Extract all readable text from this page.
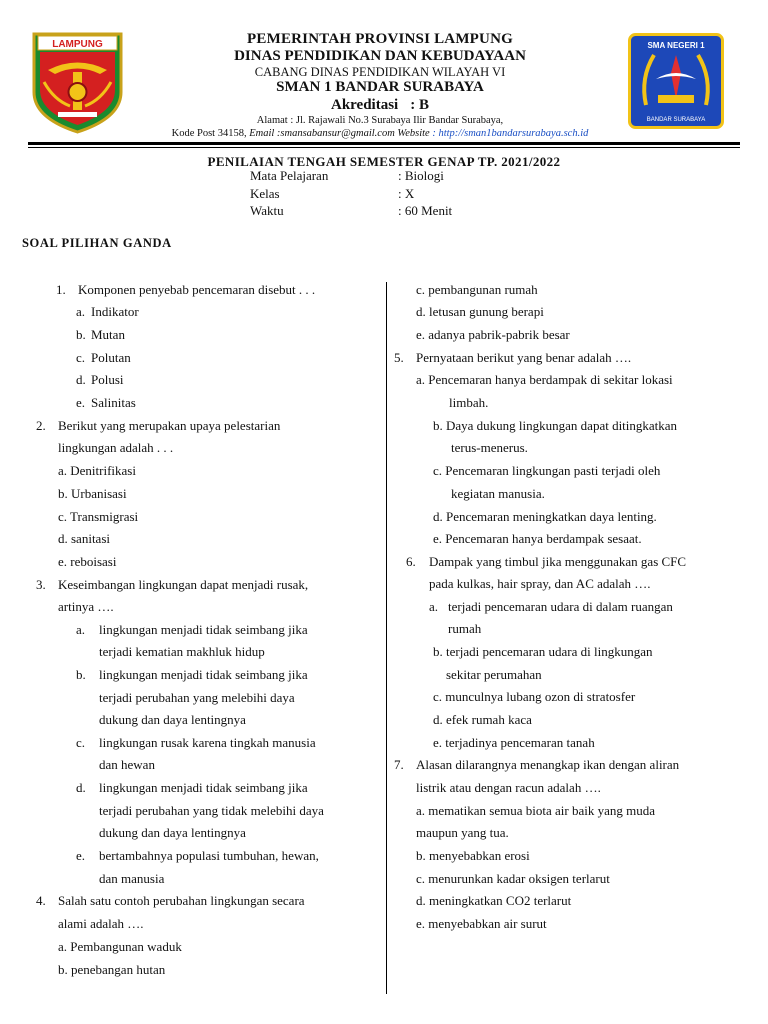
LAMPUNG	SMA NEGERI 1
BANDAR SURABAYA
PEMERINTAH PROVINSI LAMPUNG
DINAS PENDIDIKAN DAN KEBUDAYAAN
CABANG DINAS PENDIDIKAN WILAYAH VI
SMAN 1 BANDAR SURABAYA
Akreditasi : B
Alamat : Jl. Rajawali No.3 Surabaya Ilir Bandar Surabaya,
Kode Post 34158, Email :smansabansur@gmail.com Website : http://sman1bandarsurabaya.sch.id
PENILAIAN TENGAH SEMESTER GENAP TP. 2021/2022
Mata Pelajaran	: Biologi
Kelas	: X
Waktu	: 60 Menit
SOAL PILIHAN GANDA
1. Komponen penyebab pencemaran disebut . . .
a. Indikator
b. Mutan
c. Polutan
d. Polusi
e. Salinitas
2. Berikut yang merupakan upaya pelestarian
lingkungan adalah . . .
a. Denitrifikasi
b. Urbanisasi
c. Transmigrasi
d. sanitasi
e. reboisasi
3. Keseimbangan lingkungan dapat menjadi rusak,
artinya ….
a. lingkungan menjadi tidak seimbang jika
terjadi kematian makhluk hidup
b. lingkungan menjadi tidak seimbang jika
terjadi perubahan yang melebihi daya
dukung dan daya lentingnya
c. lingkungan rusak karena tingkah manusia
dan hewan
d. lingkungan menjadi tidak seimbang jika
terjadi perubahan yang tidak melebihi daya
dukung dan daya lentingnya
e. bertambahnya populasi tumbuhan, hewan,
dan manusia
4. Salah satu contoh perubahan lingkungan secara
alami adalah ….
a. Pembangunan waduk
b. penebangan hutan
c. pembangunan rumah
d. letusan gunung berapi
e. adanya pabrik-pabrik besar
5. Pernyataan berikut yang benar adalah ….
a. Pencemaran hanya berdampak di sekitar lokasi
limbah.
b. Daya dukung lingkungan dapat ditingkatkan
terus-menerus.
c. Pencemaran lingkungan pasti terjadi oleh
kegiatan manusia.
d. Pencemaran meningkatkan daya lenting.
e. Pencemaran hanya berdampak sesaat.
6. Dampak yang timbul jika menggunakan gas CFC
pada kulkas, hair spray, dan AC adalah ….
a. terjadi pencemaran udara di dalam ruangan
rumah
b. terjadi pencemaran udara di lingkungan
sekitar perumahan
c. munculnya lubang ozon di stratosfer
d. efek rumah kaca
e. terjadinya pencemaran tanah
7. Alasan dilarangnya menangkap ikan dengan aliran
listrik atau dengan racun adalah ….
a. mematikan semua biota air baik yang muda
maupun yang tua.
b. menyebabkan erosi
c. menurunkan kadar oksigen terlarut
d. meningkatkan CO2 terlarut
e. menyebabkan air surut
